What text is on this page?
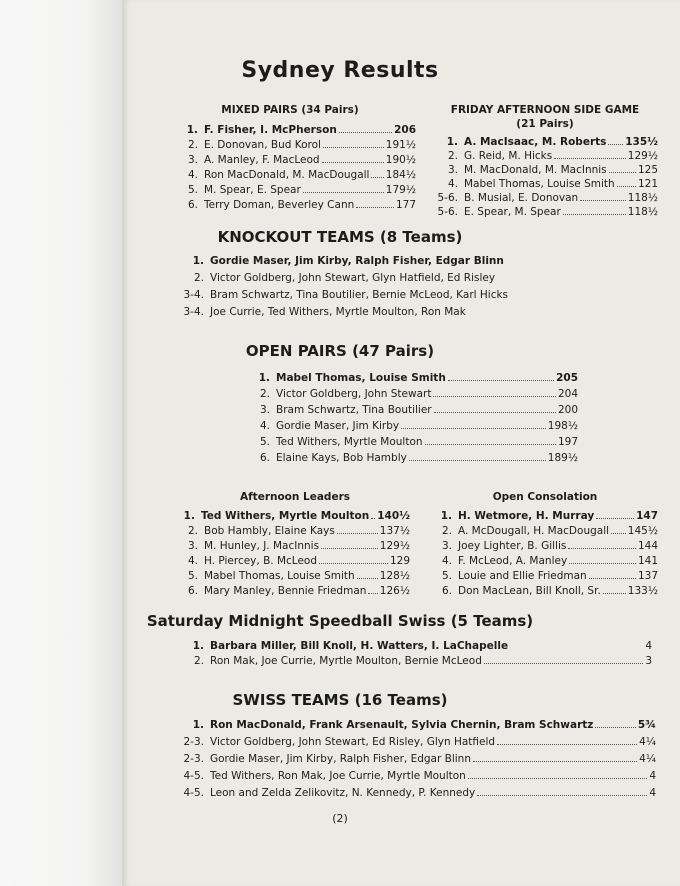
Sydney Results
MIXED PAIRS (34 Pairs)
1. F. Fisher, I. McPherson	206
2. E. Donovan, Bud Korol	191½
3. A. Manley, F. MacLeod	190½
4. Ron MacDonald, M. MacDougall 184½
5. M. Spear, E. Spear	179½
6. Terry Doman, Beverley Cann	177
FRIDAY AFTERNOON SIDE GAME
(21 Pairs)
1. A. MacIsaac, M. Roberts 135½
2. G. Reid, M. Hicks	129½
3. M. MacDonald, M. MacInnis	125
4. Mabel Thomas, Louise Smith 121
5-6. B. Musial, E. Donovan	118½
5-6. E. Spear, M. Spear	118½
KNOCKOUT TEAMS (8 Teams)
1. Gordie Maser, Jim Kirby, Ralph Fisher, Edgar Blinn
2. Victor Goldberg, John Stewart, Glyn Hatfield, Ed Risley
3-4. Bram Schwartz, Tina Boutilier, Bernie McLeod, Karl Hicks
3-4. Joe Currie, Ted Withers, Myrtle Moulton, Ron Mak
OPEN PAIRS (47 Pairs)
1. Mabel Thomas, Louise Smith	205
2. Victor Goldberg, John Stewart	204
3. Bram Schwartz, Tina Boutilier	200
4. Gordie Maser, Jim Kirby	198½
5. Ted Withers, Myrtle Moulton	197
6. Elaine Kays, Bob Hambly	189½
Afternoon Leaders
1. Ted Withers, Myrtle Moulton 140½
2. Bob Hambly, Elaine Kays	137½
3. M. Hunley, J. MacInnis	129½
4. H. Piercey, B. McLeod	129
5. Mabel Thomas, Louise Smith 128½
6. Mary Manley, Bennie Friedman 126½
Open Consolation
1. H. Wetmore, H. Murray	147
2. A. McDougall, H. MacDougall 145½
3. Joey Lighter, B. Gillis	144
4. F. McLeod, A. Manley	141
5. Louie and Ellie Friedman	137
6. Don MacLean, Bill Knoll, Sr.	133½
Saturday Midnight Speedball Swiss (5 Teams)
1. Barbara Miller, Bill Knoll, H. Watters, I. LaChapelle	4
2. Ron Mak, Joe Currie, Myrtle Moulton, Bernie McLeod	3
SWISS TEAMS (16 Teams)
1. Ron MacDonald, Frank Arsenault, Sylvia Chernin, Bram Schwartz	5¾
2-3. Victor Goldberg, John Stewart, Ed Risley, Glyn Hatfield	4¼
2-3. Gordie Maser, Jim Kirby, Ralph Fisher, Edgar Blinn	4¼
4-5. Ted Withers, Ron Mak, Joe Currie, Myrtle Moulton	4
4-5. Leon and Zelda Zelikovitz, N. Kennedy, P. Kennedy	4
(2)
